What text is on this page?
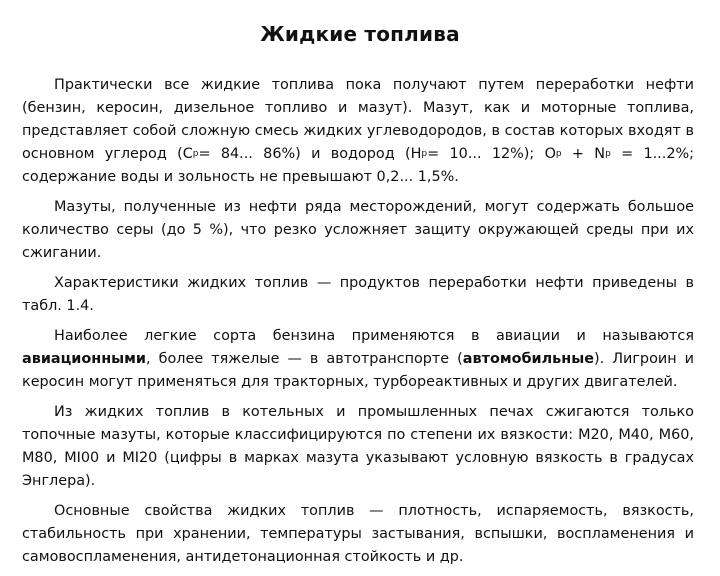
Жидкие топлива

Практически все жидкие топлива пока получают путем переработки нефти (бензин, керосин, дизельное топливо и мазут). Мазут, как и моторные топлива, представляет собой сложную смесь жидких углеводородов, в состав которых входят в основном углерод ($С^р= 84$... 86%) и водород ($Н^р= 10$... 12%); $О^р + N^р = 1...2\%$; содержание воды и зольность не превышают 0,2... 1,5%.

Мазуты, полученные из нефти ряда месторождений, могут содержать большое количество серы (до 5 %), что резко усложняет защиту окружающей среды при их сжигании.

Характеристики жидких топлив — продуктов переработки нефти приведены в табл. 1.4.

Наиболее легкие сорта бензина применяются в авиации и называются авиационными, более тяжелые — в автотранспорте (автомобильные). Лигроин и керосин могут применяться для тракторных, турбореактивных и других двигателей.

Из жидких топлив в котельных и промышленных печах сжигаются только топочные мазуты, которые классифицируются по степени их вязкости: М20, М40, М60, М80, МI00 и МI20 (цифры в марках мазута указывают условную вязкость в градусах Энглера).

Основные свойства жидких топлив — плотность, испаряемость, вязкость, стабильность при хранении, температуры застывания, вспышки, воспламенения и самовоспламенения, антидетонационная стойкость и др.
